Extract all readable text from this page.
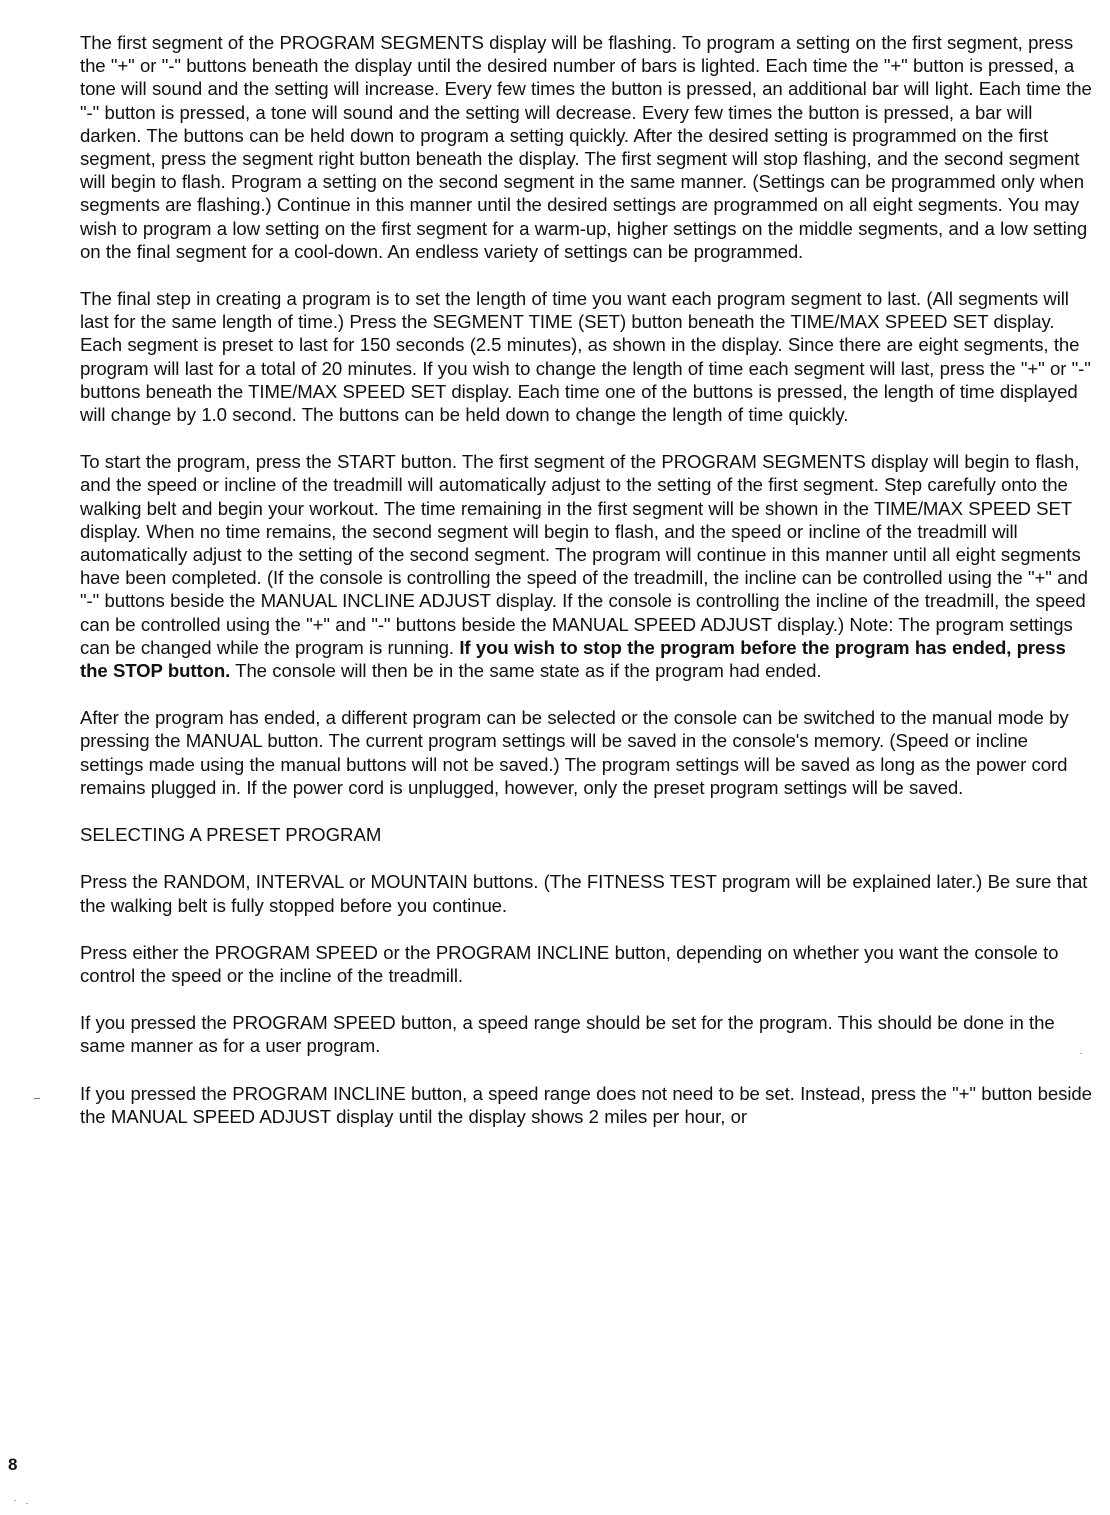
The first segment of the PROGRAM SEGMENTS display will be flashing. To program a setting on the first segment, press the "+" or "-" buttons beneath the display until the desired number of bars is lighted. Each time the "+" button is pressed, a tone will sound and the setting will increase. Every few times the button is pressed, an additional bar will light. Each time the "-" button is pressed, a tone will sound and the setting will decrease. Every few times the button is pressed, a bar will darken. The buttons can be held down to program a setting quickly. After the desired setting is programmed on the first segment, press the segment right button beneath the display. The first segment will stop flashing, and the second segment will begin to flash. Program a setting on the second segment in the same manner. (Settings can be programmed only when segments are flashing.) Continue in this manner until the desired settings are programmed on all eight segments. You may wish to program a low setting on the first segment for a warm-up, higher settings on the middle segments, and a low setting on the final segment for a cool-down. An endless variety of settings can be programmed.

The final step in creating a program is to set the length of time you want each program segment to last. (All segments will last for the same length of time.) Press the SEGMENT TIME (SET) button beneath the TIME/MAX SPEED SET display. Each segment is preset to last for 150 seconds (2.5 minutes), as shown in the display. Since there are eight segments, the program will last for a total of 20 minutes. If you wish to change the length of time each segment will last, press the "+" or "-" buttons beneath the TIME/MAX SPEED SET display. Each time one of the buttons is pressed, the length of time displayed will change by 1.0 second. The buttons can be held down to change the length of time quickly.

To start the program, press the START button. The first segment of the PROGRAM SEGMENTS display will begin to flash, and the speed or incline of the treadmill will automatically adjust to the setting of the first segment. Step carefully onto the walking belt and begin your workout. The time remaining in the first segment will be shown in the TIME/MAX SPEED SET display. When no time remains, the second segment will begin to flash, and the speed or incline of the treadmill will automatically adjust to the setting of the second segment. The program will continue in this manner until all eight segments have been completed. (If the console is controlling the speed of the treadmill, the incline can be controlled using the "+" and "-" buttons beside the MANUAL INCLINE ADJUST display. If the console is controlling the incline of the treadmill, the speed can be controlled using the "+" and "-" buttons beside the MANUAL SPEED ADJUST display.) Note: The program settings can be changed while the program is running. If you wish to stop the program before the program has ended, press the STOP button. The console will then be in the same state as if the program had ended.

After the program has ended, a different program can be selected or the console can be switched to the manual mode by pressing the MANUAL button. The current program settings will be saved in the console's memory. (Speed or incline settings made using the manual buttons will not be saved.) The program settings will be saved as long as the power cord remains plugged in. If the power cord is unplugged, however, only the preset program settings will be saved.

SELECTING A PRESET PROGRAM

Press the RANDOM, INTERVAL or MOUNTAIN buttons. (The FITNESS TEST program will be explained later.) Be sure that the walking belt is fully stopped before you continue.

Press either the PROGRAM SPEED or the PROGRAM INCLINE button, depending on whether you want the console to control the speed or the incline of the treadmill.

If you pressed the PROGRAM SPEED button, a speed range should be set for the program. This should be done in the same manner as for a user program.

If you pressed the PROGRAM INCLINE button, a speed range does not need to be set. Instead, press the "+" button beside the MANUAL SPEED ADJUST display until the display shows 2 miles per hour, or

8
